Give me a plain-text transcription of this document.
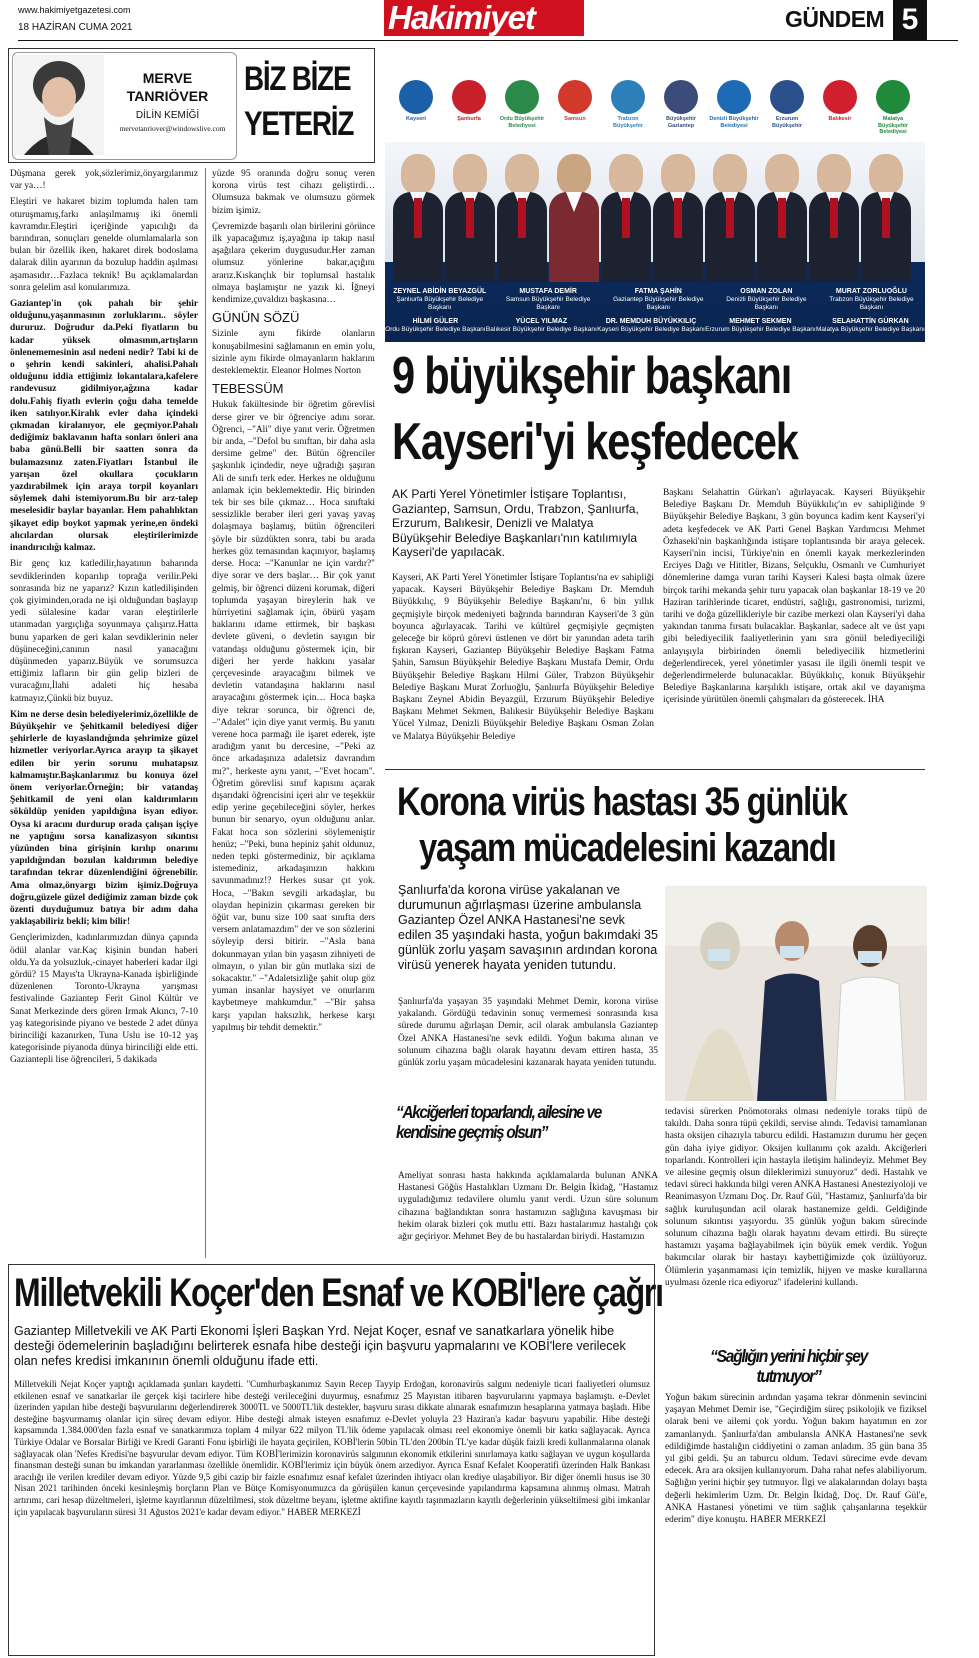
www.hakimiyetgazetesi.com
18 HAZİRAN CUMA 2021	Hakimiyet	GÜNDEM 5
MERVE
TANRIÖVER
DİLİN KEMİĞİ
mervetanriover@windowslive.com
BİZ BİZE
YETERİZ

Düşmana gerek yok,sözlerimiz,önyargılarımız var ya…!

Eleştiri ve hakaret bizim toplumda halen tam oturuşmamış,farkı anlaşılmamış iki önemli kavramdır.Eleştiri içeriğinde yapıcılığı da barındıran, sonuçları genelde olumlamalarla son bulan bir özellik iken, hakaret direk bodoslama dalarak dilin ayarının da bozulup haddin aşılması aşamasıdır…Fazlaca teknik! Bu açıklamalardan sonra gelelim asıl konularımıza.

Gaziantep'in çok pahalı bir şehir olduğunu,yaşanmasının zorluklarını.. söyler dururuz. Doğrudur da.Peki fiyatların bu kadar yüksek olmasının,artışların önlenememesinin asıl nedeni nedir? Tabi ki de o şehrin kendi sakinleri, ahalisi.Pahalı olduğunu iddia ettiğimiz lokantalara,kafelere randevusuz gidilmiyor,ağzına kadar dolu.Fahiş fiyatlı evlerin çoğu daha temelde iken satılıyor.Kiralık evler daha içindeki çıkmadan kiralanıyor, ele geçmiyor.Pahalı dediğimiz baklavanın hafta sonları önleri ana baba günü.Belli bir saatten sonra da bulamazsınız zaten.Fiyatları İstanbul ile yarışan özel okullara çocukların yazdırabilmek için araya torpil koyanları söylemek dahi istemiyorum.Bu bir arz-talep meselesidir baylar bayanlar. Hem pahalılıktan şikayet edip boykot yapmak yerine,en öndeki alıcılardan olursak eleştirilerimizde inandırıcılığı kalmaz.

Bir genç kız katledilir,hayatının baharında sevdiklerinden koparılıp toprağa verilir.Peki sonrasında biz ne yaparız? Kızın katledilişinden çok giyiminden,orada ne işi olduğundan başlayıp yedi sülalesine kadar varan eleştirilerle utanmadan yargıçlığa soyunmaya çalışırız.Hatta bunu yaparken de geri kalan sevdiklerinin neler düşüneceğini,canının nasıl yanacağını düşünmeden yaparız.Büyük ve sorumsuzca ettiğimiz lafların bir gün gelip bizleri de vuracağını,İlahi adaleti hiç hesaba katmayız,Çünkü biz buyuz.

Kim ne derse desin belediyelerimiz,özellikle de Büyükşehir ve Şehitkamil belediyesi diğer şehirlerle de kıyaslandığında şehrimize güzel hizmetler veriyorlar.Ayrıca arayıp ta şikayet edilen bir yerin sorunu muhatapsız kalmamıştır.Başkanlarımız bu konuya özel önem veriyorlar.Örneğin; bir vatandaş Şehitkamil de yeni olan kaldırımların söküldüp yeniden yapıldığına isyan ediyor. Oysa ki aracını durdurup orada çalışan işçiye ne yaptığını sorsa kanalizasyon sıkıntısı yüzünden bina girişinin kırılıp onarımı yapıldığından bozulan kaldırımın belediye tarafından tekrar düzenlendiğini öğrenebilir. Ama olmaz,önyargı bizim işimiz.Doğruya doğru,güzele güzel dediğimiz zaman bizde çok özenti duyduğumuz batıya bir adım daha yaklaşabiliriz bekli; kim bilir!

Gençlerimizden, kadınlarımızdan dünya çapında ödül alanlar var.Kaç kişinin bundan haberi oldu.Ya da yolsuzluk,-cinayet haberleri kadar ilgi gördü? 15 Mayıs'ta Ukrayna-Kanada işbirliğinde düzenlenen Toronto-Ukrayna yarışması festivalinde Gaziantep Ferit Ginol Kültür ve Sanat Merkezinde ders gören Irmak Akıncı, 7-10 yaş kategorisinde piyano ve bestede 2 adet dünya birinciliği kazanırken, Tuna Uslu ise 10-12 yaş kategorisinde piyanoda dünya birinciliği elde etti. Gaziantepli lise öğrencileri, 5 dakikada

yüzde 95 oranında doğru sonuç veren korona virüs test cihazı geliştirdi… Olumsuza bakmak ve olumsuzu görmek bizim işimiz.

Çevremizde başarılı olan birilerini görünce ilk yapacağımız iş,ayağına ip takıp nasıl aşağılara çekerim duygusudur.Her zaman olumsuz yönlerine bakar,açığını ararız.Kıskançlık bir toplumsal hastalık olmaya başlamıştır ne yazık ki. İğneyi kendimize,çuvaldızı başkasına…

GÜNÜN SÖZÜ

Sizinle aynı fikirde olanların konuşabilmesini sağlamanın en emin yolu, sizinle aynı fikirde olmayanların haklarını desteklemektir. Eleanor Holmes Norton

TEBESSÜM

Hukuk fakültesinde bir öğretim görevlisi derse girer ve bir öğrenciye adını sorar. Öğrenci, –"Ali" diye yanıt verir. Öğretmen bir anda, –"Defol bu sınıftan, bir daha asla dersime gelme" der. Bütün öğrenciler şaşkınlık içindedir, neye uğradığı şaşıran Ali de sınıfı terk eder. Herkes ne olduğunu anlamak için beklemektedir. Hiç birinden tek bir ses bile çıkmaz… Hoca sınıftaki sessizlikle beraber ileri geri yavaş yavaş dolaşmaya başlamış, bütün öğrencileri şöyle bir süzdükten sonra, tabi bu arada herkes göz temasından kaçınıyor, başlamış derse. Hoca: –"Kanunlar ne için vardır?" diye sorar ve ders başlar… Bir çok yanıt gelmiş, bir öğrenci düzeni korumak, diğeri toplumda yaşayan bireylerin hak ve hürriyetini sağlamak için, öbürü yaşam haklarını ıdame ettirmek, bir başkası devlete güveni, o devletin sayıgın bir vatandaşı olduğunu göstermek için, bir diğeri her yerde hakkını yasalar çerçevesinde arayacağını bilmek ve devletin vatandaşına haklarını nasıl arayacağını göstermek için… Hoca başka diye tekrar sorunca, bir öğrenci de, –"Adalet" için diye yanıt vermiş. Bu yanıtı verene hoca parmağı ile işaret ederek, işte aradığım yanıt bu dercesine, –"Peki az önce arkadaşınıza adaletsiz davrandım mı?", herkeste aynı yanıt, –"Evet hocam". Öğretim görevlisi sınıf kapısını açarak dışarıdaki öğrencisini içeri alır ve teşekkür edip yerine geçebileceğini söyler, herkes bunun bir senaryo, oyun olduğunu anlar. Fakat hoca son sözlerini söylemeniştir henüz; –"Peki, buna hepiniz şahit oldunuz, neden tepki göstermediniz, bir açıklama istemediniz, arkadaşınızın hakkını savunmadınız!? Herkes susar çıt yok. Hoca, –"Bakın sevgili arkadaşlar, bu olaydan hepinizin çıkarması gereken bir öğüt var, bunu size 100 saat sınıfta ders versem anlatamazdım" der ve son sözlerini söyleyip dersi bitirir. –"Asla bana dokunmayan yılan bin yaşasın zihniyeti de olmayın, o yılan bir gün mutlaka sizi de sokacaktır." –"Adaletsizliğe şahit olup göz yuman insanlar haysiyet ve onurlarını kaybetmeye mahkumdur." –"Bir şahsa karşı yapılan haksızlık, herkese karşı yapılmış bir tehdit demektir."

Kayseri	Şanlıurfa	Ordu Büyükşehir Belediyesi
Samsun	Trabzon Büyükşehir
Büyükşehir Gaziantep
Denizli Büyükşehir Belediyesi
Erzurum Büyükşehir
Balıkesir	Malatya Büyükşehir Belediyesi
ZEYNEL ABİDİN BEYAZGÜL
Şanlıurfa Büyükşehir Belediye Başkanı
MUSTAFA DEMİR
Samsun Büyükşehir Belediye Başkanı
FATMA ŞAHİN
Gaziantep Büyükşehir Belediye Başkanı
OSMAN ZOLAN
Denizli Büyükşehir Belediye Başkanı
MURAT ZORLUOĞLU
Trabzon Büyükşehir Belediye Başkanı
HİLMİ GÜLER
Ordu Büyükşehir Belediye Başkanı
YÜCEL YILMAZ
Balıkesir Büyükşehir Belediye Başkanı
DR. MEMDUH BÜYÜKKILIÇ
Kayseri Büyükşehir Belediye Başkanı
MEHMET SEKMEN
Erzurum Büyükşehir Belediye Başkanı
SELAHATTİN GÜRKAN
Malatya Büyükşehir Belediye Başkanı
9 büyükşehir başkanı
Kayseri'yi keşfedecek
AK Parti Yerel Yönetimler İstişare Toplantısı, Gaziantep, Samsun, Ordu, Trabzon, Şanlıurfa, Erzurum, Balıkesir, Denizli ve Malatya Büyükşehir Belediye Başkanları'nın katılımıyla Kayseri'de yapılacak.
Kayseri, AK Parti Yerel Yönetimler İstişare Toplantısı'na ev sahipliği yapacak. Kayseri Büyükşehir Belediye Başkanı Dr. Memduh Büyükkılıç, 9 Büyükşehir Belediye Başkanı'nı, 6 bin yıllık geçmişiyle birçok medeniyeti bağrında barındıran Kayseri'de 3 gün boyunca ağırlayacak. Tarihi ve kültürel geçmişiyle geçmişten geleceğe bir köprü görevi üstlenen ve dört bir yanından adeta tarih fışkıran Kayseri, Gaziantep Büyükşehir Belediye Başkanı Fatma Şahin, Samsun Büyükşehir Belediye Başkanı Mustafa Demir, Ordu Büyükşehir Belediye Başkanı Hilmi Güler, Trabzon Büyükşehir Belediye Başkanı Murat Zorluoğlu, Şanlıurfa Büyükşehir Belediye Başkanı Zeynel Abidin Beyazgül, Erzurum Büyükşehir Belediye Başkanı Mehmet Sekmen, Balıkesir Büyükşehir Belediye Başkanı Yücel Yılmaz, Denizli Büyükşehir Belediye Başkanı Osman Zolan ve Malatya Büyükşehir Belediye
Başkanı Selahattin Gürkan'ı ağırlayacak. Kayseri Büyükşehir Belediye Başkanı Dr. Memduh Büyükkılıç'ın ev sahipliğinde 9 Büyükşehir Belediye Başkanı, 3 gün boyunca kadim kent Kayseri'yi adeta keşfedecek ve AK Parti Genel Başkan Yardımcısı Mehmet Özhaseki'nin başkanlığında istişare toplantısında bir araya gelecek. Kayseri'nin incisi, Türkiye'nin en önemli kayak merkezlerinden Erciyes Dağı ve Hititler, Bizans, Selçuklu, Osmanlı ve Cumhuriyet dönemlerine damga vuran tarihi Kayseri Kalesi başta olmak üzere birçok tarihi mekanda şehir turu yapacak olan başkanlar 18-19 ve 20 Haziran tarihlerinde ticaret, endüstri, sağlığı, gastronomisi, turizmi, tarihi ve doğa güzellikleriyle bir cazibe merkezi olan Kayseri'yi daha yakından tanıma fırsatı bulacaklar. Başkanlar, sadece alt ve üst yapı gibi belediyecilik faaliyetlerinin yanı sıra gönül belediyeciliği anlayışıyla birbirinden önemli belediyecilik hizmetlerini değerlendirecek, yerel yönetimler yasası ile ilgili önemli tespit ve değerlendirmelerde bulunacaklar. Büyükkılıç, konuk Büyükşehir Belediye Başkanlarına karşılıklı istişare, ortak akıl ve dayanışma içerisinde yürütülen önemli çalışmaları da gösterecek. İHA
Korona virüs hastası 35 günlük
yaşam mücadelesini kazandı
Şanlıurfa'da korona virüse yakalanan ve durumunun ağırlaşması üzerine ambulansla Gaziantep Özel ANKA Hastanesi'ne sevk edilen 35 yaşındaki hasta, yoğun bakımdaki 35 günlük zorlu yaşam savaşının ardından korona virüsü yenerek hayata yeniden tutundu.
Şanlıurfa'da yaşayan 35 yaşındaki Mehmet Demir, korona virüse yakalandı. Gördüğü tedavinin sonuç vermemesi sonrasında kısa sürede durumu ağırlaşan Demir, acil olarak ambulansla Gaziantep Özel ANKA Hastanesi'ne sevk edildi. Yoğun bakıma alınan ve solunum cihazına bağlı olarak hayatını devam ettiren hasta, 35 günlük zorlu yaşam mücadelesini kazanarak hayata yeniden tutundu.
“Akciğerleri toparlandı, ailesine ve kendisine geçmiş olsun”
Ameliyat sonrası hasta hakkında açıklamalarda bulunan ANKA Hastanesi Göğüs Hastalıkları Uzmanı Dr. Belgin İkidağ, "Hastamız uyguladığımız tedavilere olumlu yanıt verdi. Uzun süre solunum cihazına bağlandıktan sonra hastamızın sağlığına kavuşması bir hekim olarak bizleri çok mutlu etti. Bazı hastalarımız hastalığı çok ağır geçiriyor. Mehmet Bey de bu hastalardan biriydi. Hastamızın
tedavisi sürerken Pnömotoraks olması nedeniyle toraks tüpü de takıldı. Daha sonra tüpü çekildi, servise alındı. Tedavisi tamamlanan hasta oksijen cihazıyla taburcu edildi. Hastamızın durumu her geçen gün daha iyiye gidiyor. Oksijen kullanımı çok azaldı. Akciğerleri toparlandı. Kontrolleri için hastayla iletişim halindeyiz. Mehmet Bey ve ailesine geçmiş olsun dileklerimizi sunuyoruz" dedi. Hastalık ve tedavi süreci hakkında bilgi veren ANKA Hastanesi Anesteziyoloji ve Reanimasyon Uzmanı Doç. Dr. Rauf Gül, "Hastamız, Şanlıurfa'da bir sağlık kuruluşundan acil olarak hastanemize geldi. Geldiğinde solunum sıkıntısı yaşıyordu. 35 günlük yoğun bakım sürecinde solunum cihazına bağlı olarak hayatını devam ettirdi. Bu süreçte hastamızı yaşama bağlayabilmek için büyük emek verdik. Yoğun bakımcılar olarak bir hastayı kaybettiğimizde çok üzülüyoruz. Ölümlerin yaşanmaması için temizlik, hijyen ve maske kurallarına uyulması özenle rica ediyoruz" ifadelerini kullandı.
“Sağlığın yerini hiçbir şey tutmuyor”
Yoğun bakım sürecinin ardından yaşama tekrar dönmenin sevincini yaşayan Mehmet Demir ise, "Geçirdiğim süreç psikolojik ve fiziksel olarak beni ve ailemi çok yordu. Yoğun bakım hayatımın en zor zamanlarıydı. Şanlıurfa'dan ambulansla ANKA Hastanesi'ne sevk edildiğimde hastalığın ciddiyetini o zaman anladım. 35 gün bana 35 yıl gibi geldi. Şu an taburcu oldum. Tedavi sürecime evde devam edecek. Ara ara oksijen kullanıyorum. Daha rahat nefes alabiliyorum. Sağlığın yerini hiçbir şey tutmuyor. İlgi ve alakalarından dolayı başta değerli hekimlerim Uzm. Dr. Belgin İkidağ, Doç. Dr. Rauf Gül'e, ANKA Hastanesi yönetimi ve tüm sağlık çalışanlarına teşekkür ederim" diye konuştu. HABER MERKEZİ
Milletvekili Koçer'den Esnaf ve KOBİ'lere çağrı
Gaziantep Milletvekili ve AK Parti Ekonomi İşleri Başkan Yrd. Nejat Koçer, esnaf ve sanatkarlara yönelik hibe desteği ödemelerinin başladığını belirterek esnafa hibe desteği için başvuru yapmalarını ve KOBİ'lere verilecek olan nefes kredisi imkanının önemli olduğunu ifade etti.
Milletvekili Nejat Koçer yaptığı açıklamada şunları kaydetti. "Cumhurbaşkanımız Sayın Recep Tayyip Erdoğan, koronavirüs salgını nedeniyle ticari faaliyetleri olumsuz etkilenen esnaf ve sanatkarlar ile gerçek kişi tacirlere hibe desteği verileceğini duyurmuş, esnafımız 25 Mayıstan itibaren başvurularını yapmaya başlamıştı. e-Devlet üzerinden yapılan hibe desteği başvurularını değerlendirerek 3000TL ve 5000TL'lik destekler, başvuru sırası dikkate alınarak esnafımızın hesaplarına yatmaya başladı. Hibe desteğine başvurmamış olanlar için süreç devam ediyor. Hibe desteği almak isteyen esnafımız e-Devlet yoluyla 23 Haziran'a kadar başvuru yapabilir. Hibe desteği kapsamında 1.384.000'den fazla esnaf ve sanatkarımıza toplam 4 milyar 622 milyon TL'lik ödeme yapılacak olması reel ekonomiye önemli bir katkı sağlayacak. Ayrıca Türkiye Odalar ve Borsalar Birliği ve Kredi Garanti Fonu işbirliği ile hayata geçirilen, KOBİ'lerin 50bin TL'den 200bin TL'ye kadar düşük faizli kredi kullanmalarına olanak sağlayacak olan 'Nefes Kredisi'ne başvurular devam ediyor. Tüm KOBİ'lerimizin koronavirüs salgınının ekonomik etkilerini sınırlamaya katkı sağlayan ve uygun koşullarda finansman desteği sunan bu imkandan yararlanması özellikle önemlidir. KOBİ'lerimiz için büyük önem arzediyor. Ayrıca Esnaf Kefalet Kooperatifi üzerinden Halk Bankası aracılığı ile verilen krediler devam ediyor. Yüzde 9,5 gibi cazip bir faizle esnafımız esnaf kefalet üzerinden ihtiyacı olan krediye ulaşabiliyor. Bir diğer önemli husus ise 30 Nisan 2021 tarihinden önceki kesinleşmiş borçların Plan ve Bütçe Komisyonumuzca da görüşülen kanun çerçevesinde yapılandırma kapsamına alınmış olması. Matrah artırımı, cari hesap düzeltmeleri, işletme kayıtlarının düzeltilmesi, stok düzeltme beyanı, işletme aktifine kayıtlı taşınmazların kayıtlı değerlerinin yükseltilmesi gibi imkanlar için yapılacak başvuruların süresi 31 Ağustos 2021'e kadar devam ediyor." HABER MERKEZİ
